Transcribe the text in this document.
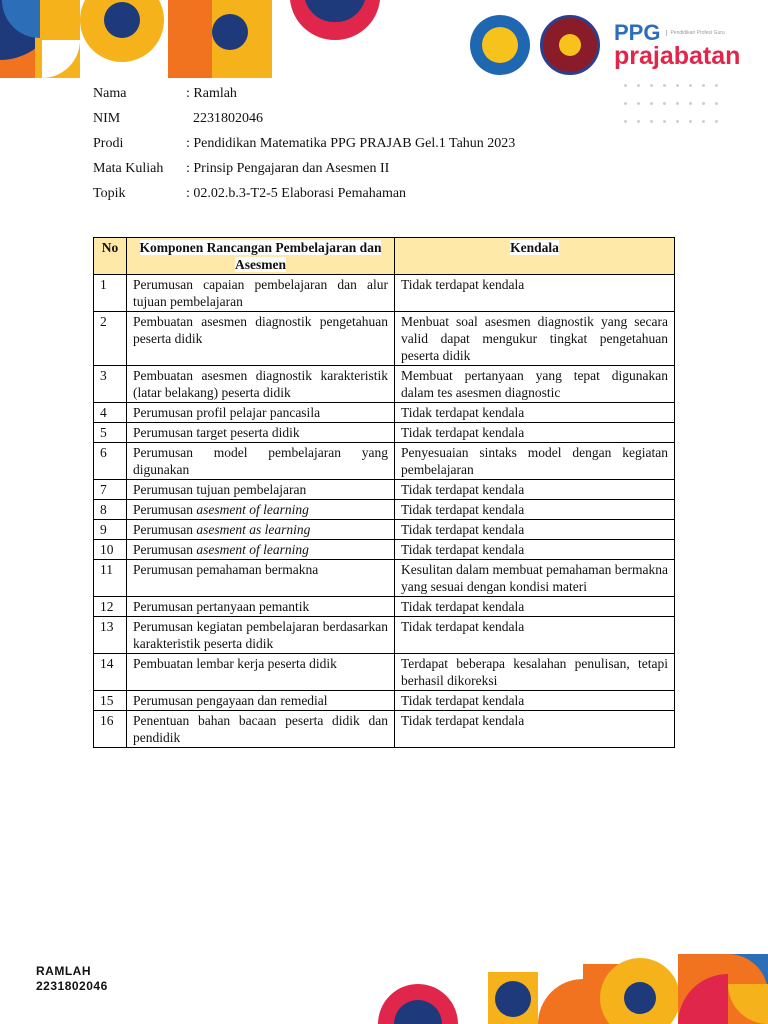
PPG	Pendidikan Profesi Guru
prajabatan

Nama	: Ramlah
NIM	2231802046
Prodi	: Pendidikan Matematika PPG PRAJAB Gel.1 Tahun 2023
Mata Kuliah	: Prinsip Pengajaran dan Asesmen II
Topik	: 02.02.b.3-T2-5 Elaborasi Pemahaman
No	Komponen Rancangan Pembelajaran dan Asesmen	Kendala
1	Perumusan capaian pembelajaran dan alur tujuan pembelajaran	Tidak terdapat kendala
2	Pembuatan asesmen diagnostik pengetahuan peserta didik	Menbuat soal asesmen diagnostik yang secara valid dapat mengukur tingkat pengetahuan peserta didik
3	Pembuatan asesmen diagnostik karakteristik (latar belakang) peserta didik	Membuat pertanyaan yang tepat digunakan dalam tes asesmen diagnostic
4	Perumusan profil pelajar pancasila	Tidak terdapat kendala
5	Perumusan target peserta didik	Tidak terdapat kendala
6	Perumusan model pembelajaran yang digunakan	Penyesuaian sintaks model dengan kegiatan pembelajaran
7	Perumusan tujuan pembelajaran	Tidak terdapat kendala
8	Perumusan asesment of learning	Tidak terdapat kendala
9	Perumusan asesment as learning	Tidak terdapat kendala
10	Perumusan asesment of learning	Tidak terdapat kendala
11	Perumusan pemahaman bermakna	Kesulitan dalam membuat pemahaman bermakna yang sesuai dengan kondisi materi
12	Perumusan pertanyaan pemantik	Tidak terdapat kendala
13	Perumusan kegiatan pembelajaran berdasarkan karakteristik peserta didik	Tidak terdapat kendala
14	Pembuatan lembar kerja peserta didik	Terdapat beberapa kesalahan penulisan, tetapi berhasil dikoreksi
15	Perumusan pengayaan dan remedial	Tidak terdapat kendala
16	Penentuan bahan bacaan peserta didik dan pendidik	Tidak terdapat kendala
RAMLAH
2231802046
